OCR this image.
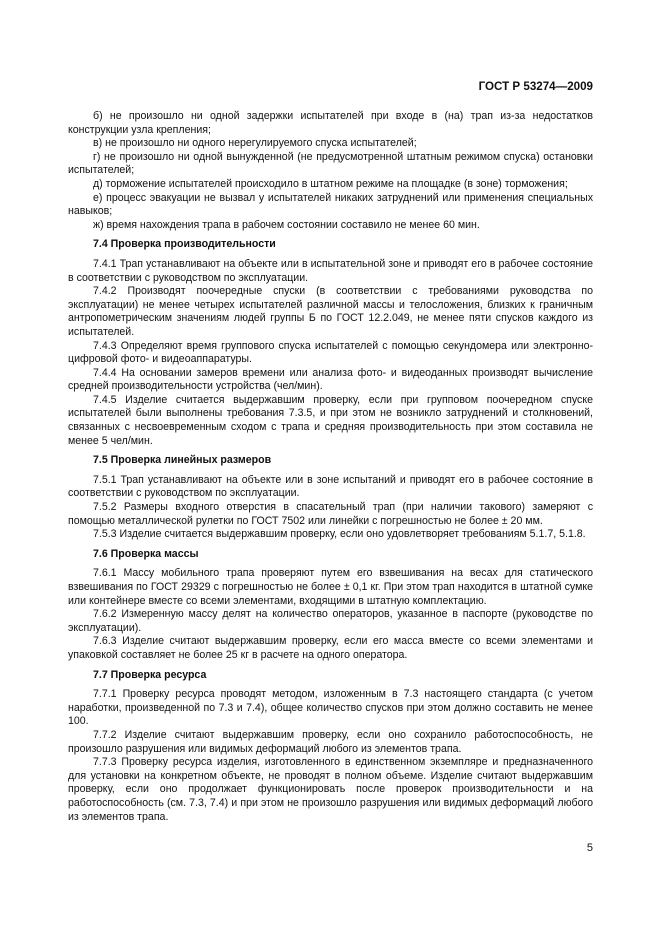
ГОСТ Р 53274—2009

б) не произошло ни одной задержки испытателей при входе в (на) трап из-за недостатков конструкции узла крепления;

в) не произошло ни одного нерегулируемого спуска испытателей;

г) не произошло ни одной вынужденной (не предусмотренной штатным режимом спуска) остановки испытателей;

д) торможение испытателей происходило в штатном режиме на площадке (в зоне) торможения;

е) процесс эвакуации не вызвал у испытателей никаких затруднений или применения специальных навыков;

ж) время нахождения трапа в рабочем состоянии составило не менее 60 мин.

7.4 Проверка производительности

7.4.1 Трап устанавливают на объекте или в испытательной зоне и приводят его в рабочее состояние в соответствии с руководством по эксплуатации.

7.4.2 Производят поочередные спуски (в соответствии с требованиями руководства по эксплуатации) не менее четырех испытателей различной массы и телосложения, близких к граничным антропометрическим значениям людей группы Б по ГОСТ 12.2.049, не менее пяти спусков каждого из испытателей.

7.4.3 Определяют время группового спуска испытателей с помощью секундомера или электронно-цифровой фото- и видеоаппаратуры.

7.4.4 На основании замеров времени или анализа фото- и видеоданных производят вычисление средней производительности устройства (чел/мин).

7.4.5 Изделие считается выдержавшим проверку, если при групповом поочередном спуске испытателей были выполнены требования 7.3.5, и при этом не возникло затруднений и столкновений, связанных с несвоевременным сходом с трапа и средняя производительность при этом составила не менее 5 чел/мин.

7.5 Проверка линейных размеров

7.5.1 Трап устанавливают на объекте или в зоне испытаний и приводят его в рабочее состояние в соответствии с руководством по эксплуатации.

7.5.2 Размеры входного отверстия в спасательный трап (при наличии такового) замеряют с помощью металлической рулетки по ГОСТ 7502 или линейки с погрешностью не более ± 20 мм.

7.5.3 Изделие считается выдержавшим проверку, если оно удовлетворяет требованиям 5.1.7, 5.1.8.

7.6 Проверка массы

7.6.1 Массу мобильного трапа проверяют путем его взвешивания на весах для статического взвешивания по ГОСТ 29329 с погрешностью не более ± 0,1 кг. При этом трап находится в штатной сумке или контейнере вместе со всеми элементами, входящими в штатную комплектацию.

7.6.2 Измеренную массу делят на количество операторов, указанное в паспорте (руководстве по эксплуатации).

7.6.3 Изделие считают выдержавшим проверку, если его масса вместе со всеми элементами и упаковкой составляет не более 25 кг в расчете на одного оператора.

7.7 Проверка ресурса

7.7.1 Проверку ресурса проводят методом, изложенным в 7.3 настоящего стандарта (с учетом наработки, произведенной по 7.3 и 7.4), общее количество спусков при этом должно составить не менее 100.

7.7.2 Изделие считают выдержавшим проверку, если оно сохранило работоспособность, не произошло разрушения или видимых деформаций любого из элементов трапа.

7.7.3 Проверку ресурса изделия, изготовленного в единственном экземпляре и предназначенного для установки на конкретном объекте, не проводят в полном объеме. Изделие считают выдержавшим проверку, если оно продолжает функционировать после проверок производительности и на работоспособность (см. 7.3, 7.4) и при этом не произошло разрушения или видимых деформаций любого из элементов трапа.

5
